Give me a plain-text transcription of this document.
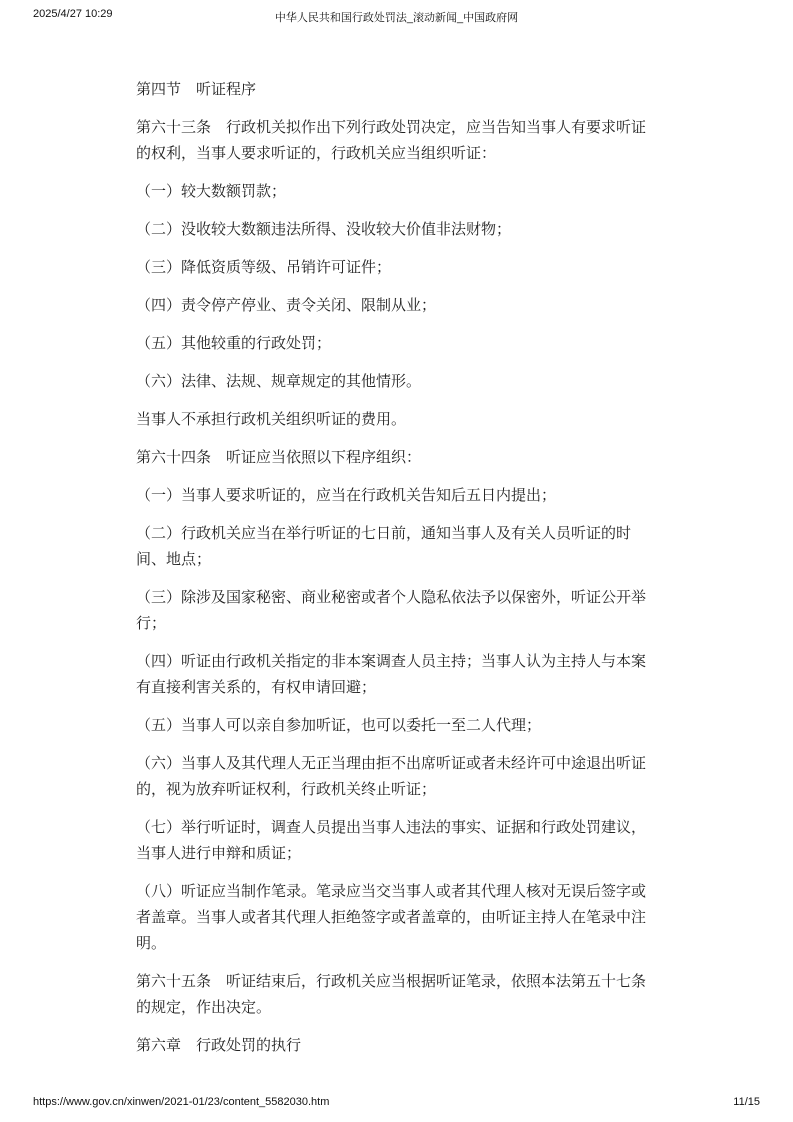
2025/4/27 10:29	中华人民共和国行政处罚法_滚动新闻_中国政府网

第四节　听证程序

第六十三条　行政机关拟作出下列行政处罚决定，应当告知当事人有要求听证的权利，当事人要求听证的，行政机关应当组织听证：

（一）较大数额罚款；

（二）没收较大数额违法所得、没收较大价值非法财物；

（三）降低资质等级、吊销许可证件；

（四）责令停产停业、责令关闭、限制从业；

（五）其他较重的行政处罚；

（六）法律、法规、规章规定的其他情形。

当事人不承担行政机关组织听证的费用。

第六十四条　听证应当依照以下程序组织：

（一）当事人要求听证的，应当在行政机关告知后五日内提出；

（二）行政机关应当在举行听证的七日前，通知当事人及有关人员听证的时间、地点；

（三）除涉及国家秘密、商业秘密或者个人隐私依法予以保密外，听证公开举行；

（四）听证由行政机关指定的非本案调查人员主持；当事人认为主持人与本案有直接利害关系的，有权申请回避；

（五）当事人可以亲自参加听证，也可以委托一至二人代理；

（六）当事人及其代理人无正当理由拒不出席听证或者未经许可中途退出听证的，视为放弃听证权利，行政机关终止听证；

（七）举行听证时，调查人员提出当事人违法的事实、证据和行政处罚建议，当事人进行申辩和质证；

（八）听证应当制作笔录。笔录应当交当事人或者其代理人核对无误后签字或者盖章。当事人或者其代理人拒绝签字或者盖章的，由听证主持人在笔录中注明。

第六十五条　听证结束后，行政机关应当根据听证笔录，依照本法第五十七条的规定，作出决定。

第六章　行政处罚的执行

https://www.gov.cn/xinwen/2021-01/23/content_5582030.htm	11/15
